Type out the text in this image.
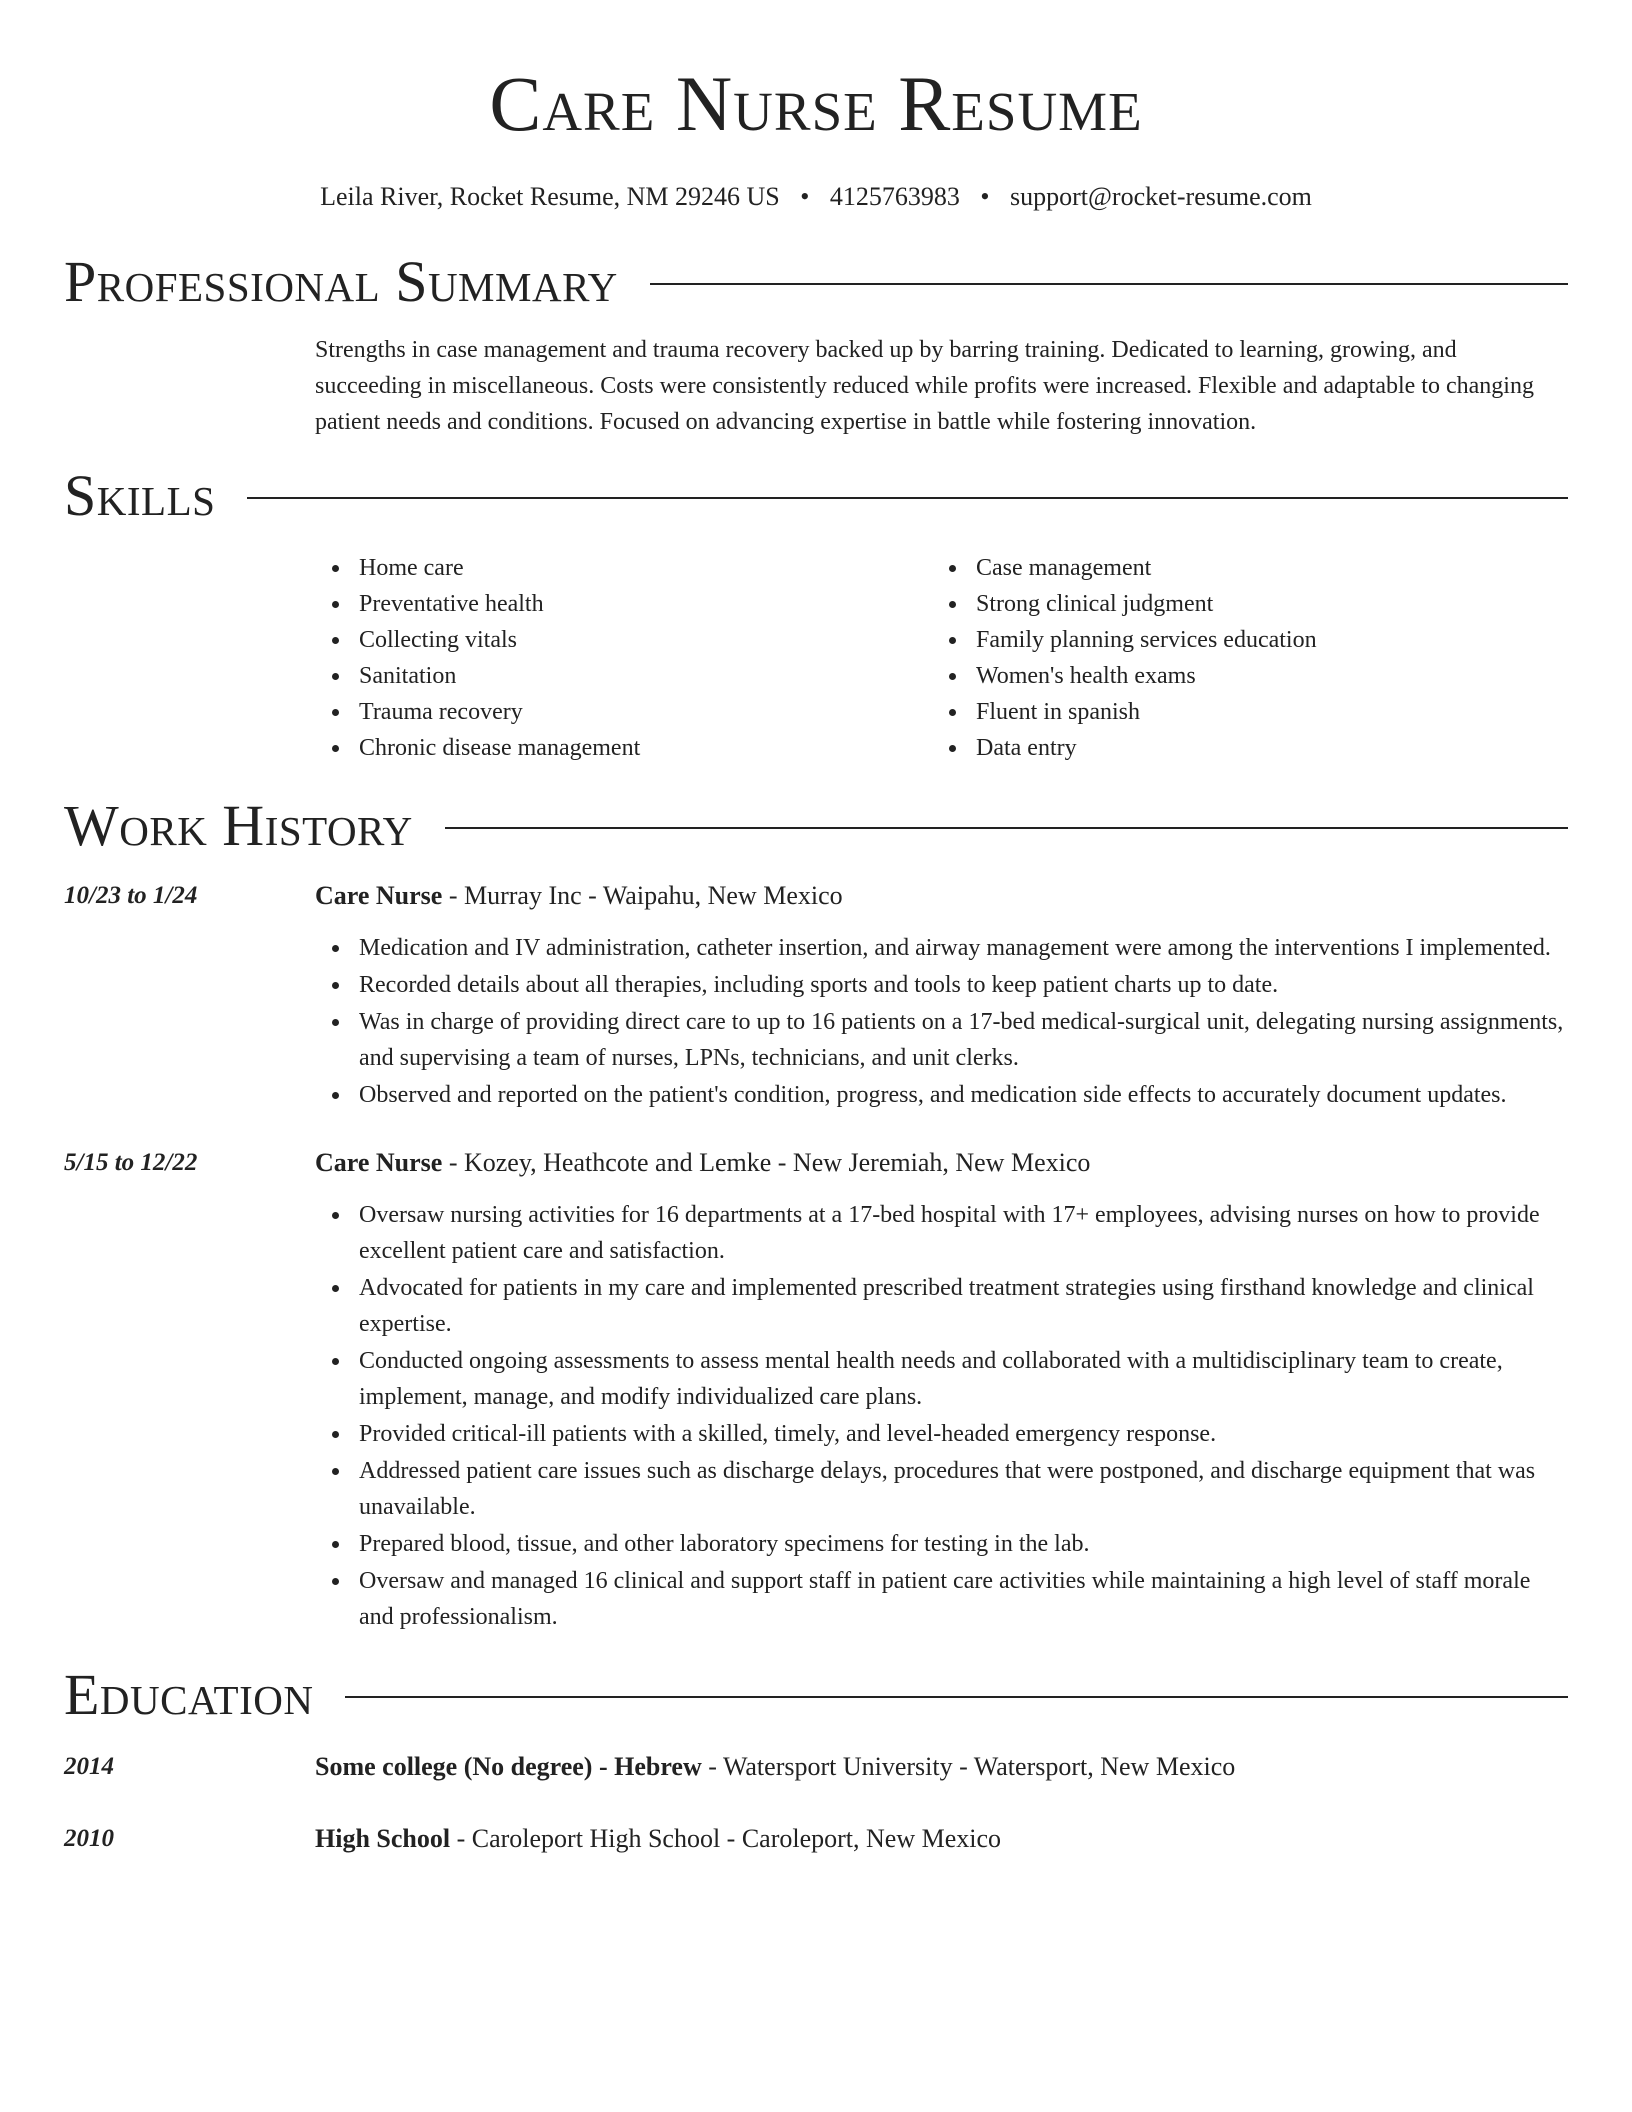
Care Nurse Resume
Leila River, Rocket Resume, NM 29246 US • 4125763983 • support@rocket-resume.com
Professional Summary
Strengths in case management and trauma recovery backed up by barring training. Dedicated to learning, growing, and succeeding in miscellaneous. Costs were consistently reduced while profits were increased. Flexible and adaptable to changing patient needs and conditions. Focused on advancing expertise in battle while fostering innovation.
Skills
Home care
Preventative health
Collecting vitals
Sanitation
Trauma recovery
Chronic disease management
Case management
Strong clinical judgment
Family planning services education
Women's health exams
Fluent in spanish
Data entry
Work History
10/23 to 1/24	Care Nurse - Murray Inc - Waipahu, New Mexico
Medication and IV administration, catheter insertion, and airway management were among the interventions I implemented.
Recorded details about all therapies, including sports and tools to keep patient charts up to date.
Was in charge of providing direct care to up to 16 patients on a 17-bed medical-surgical unit, delegating nursing assignments, and supervising a team of nurses, LPNs, technicians, and unit clerks.
Observed and reported on the patient's condition, progress, and medication side effects to accurately document updates.
5/15 to 12/22	Care Nurse - Kozey, Heathcote and Lemke - New Jeremiah, New Mexico
Oversaw nursing activities for 16 departments at a 17-bed hospital with 17+ employees, advising nurses on how to provide excellent patient care and satisfaction.
Advocated for patients in my care and implemented prescribed treatment strategies using firsthand knowledge and clinical expertise.
Conducted ongoing assessments to assess mental health needs and collaborated with a multidisciplinary team to create, implement, manage, and modify individualized care plans.
Provided critical-ill patients with a skilled, timely, and level-headed emergency response.
Addressed patient care issues such as discharge delays, procedures that were postponed, and discharge equipment that was unavailable.
Prepared blood, tissue, and other laboratory specimens for testing in the lab.
Oversaw and managed 16 clinical and support staff in patient care activities while maintaining a high level of staff morale and professionalism.
Education
2014	Some college (No degree) - Hebrew - Watersport University - Watersport, New Mexico
2010	High School - Caroleport High School - Caroleport, New Mexico
